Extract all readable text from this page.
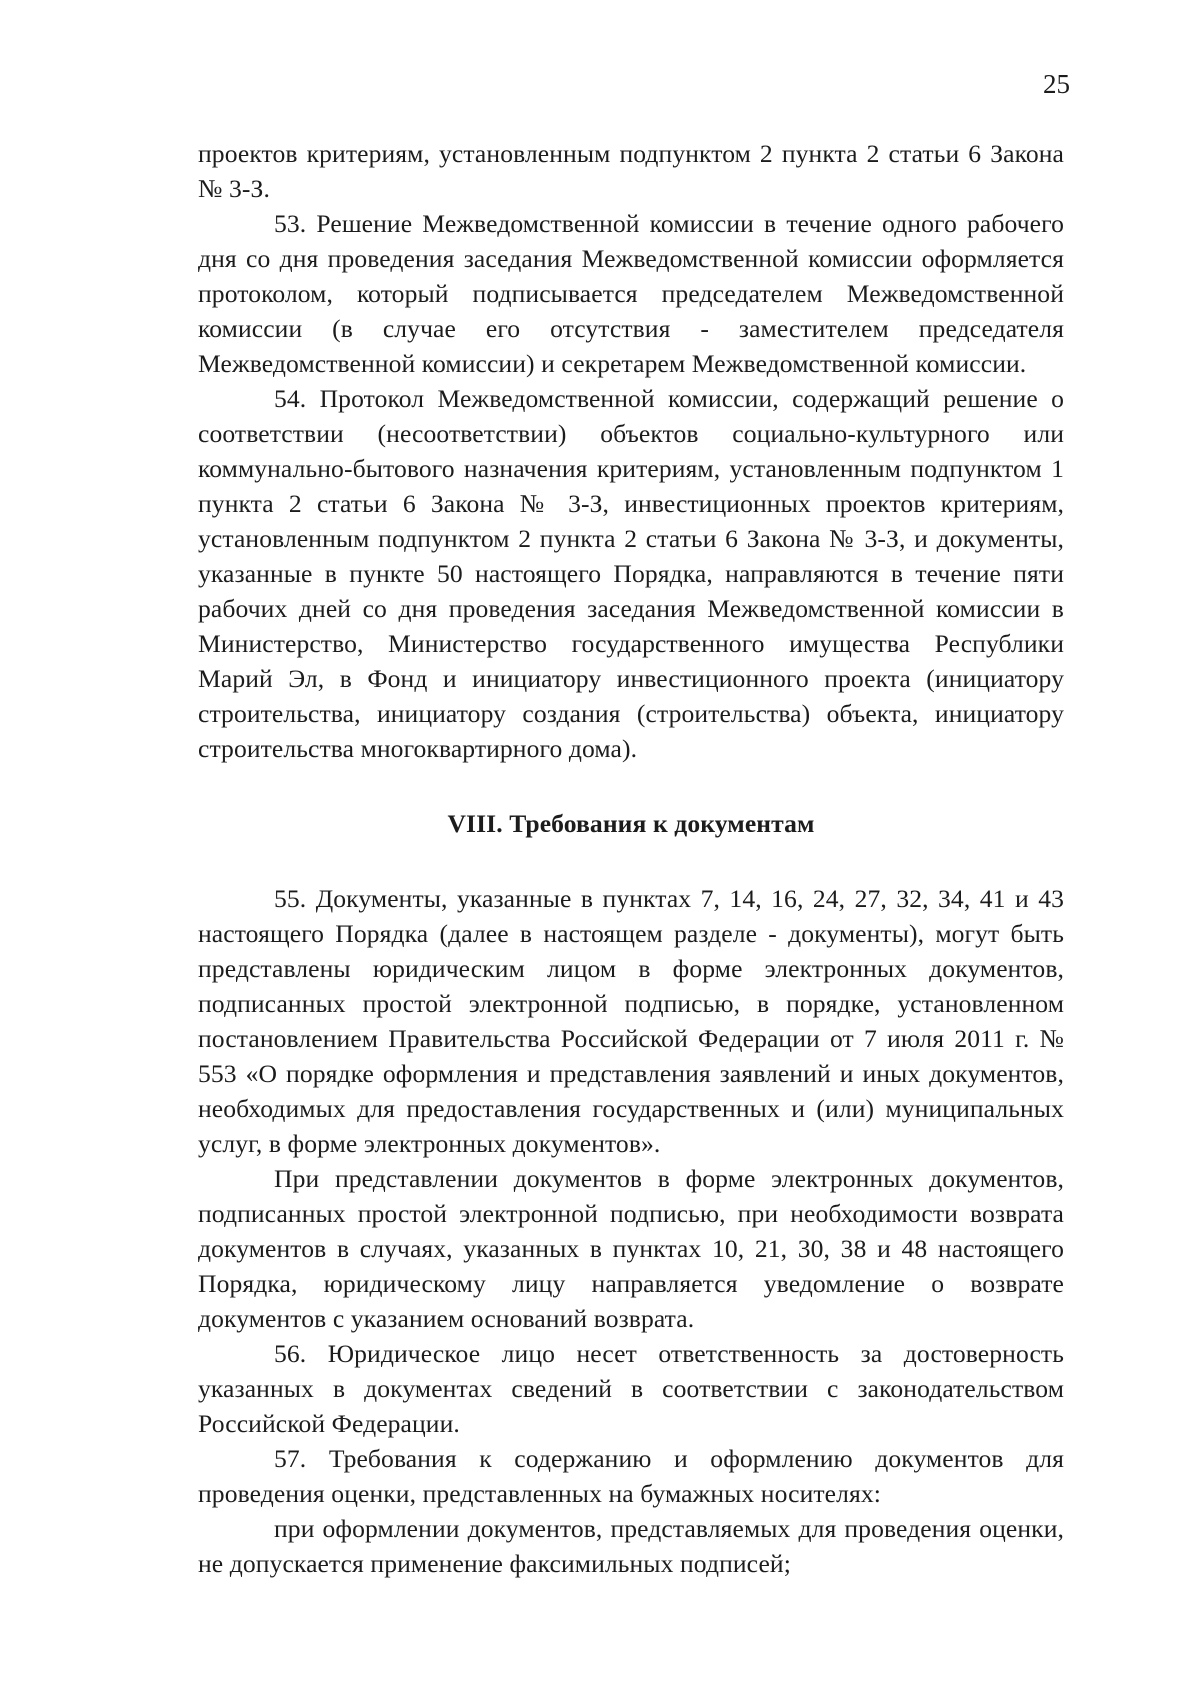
25

проектов критериям, установленным подпунктом 2 пункта 2 статьи 6 Закона № 3-З.

53. Решение Межведомственной комиссии в течение одного рабочего дня со дня проведения заседания Межведомственной комиссии оформляется протоколом, который подписывается председателем Межведомственной комиссии (в случае его отсутствия - заместителем председателя Межведомственной комиссии) и секретарем Межведомственной комиссии.

54. Протокол Межведомственной комиссии, содержащий решение о соответствии (несоответствии) объектов социально-культурного или коммунально-бытового назначения критериям, установленным подпунктом 1 пункта 2 статьи 6 Закона № 3-З, инвестиционных проектов критериям, установленным подпунктом 2 пункта 2 статьи 6 Закона № 3-З, и документы, указанные в пункте 50 настоящего Порядка, направляются в течение пяти рабочих дней со дня проведения заседания Межведомственной комиссии в Министерство, Министерство государственного имущества Республики Марий Эл, в Фонд и инициатору инвестиционного проекта (инициатору строительства, инициатору создания (строительства) объекта, инициатору строительства многоквартирного дома).

VIII. Требования к документам

55. Документы, указанные в пунктах 7, 14, 16, 24, 27, 32, 34, 41 и 43 настоящего Порядка (далее в настоящем разделе - документы), могут быть представлены юридическим лицом в форме электронных документов, подписанных простой электронной подписью, в порядке, установленном постановлением Правительства Российской Федерации от 7 июля 2011 г. № 553 «О порядке оформления и представления заявлений и иных документов, необходимых для предоставления государственных и (или) муниципальных услуг, в форме электронных документов».

При представлении документов в форме электронных документов, подписанных простой электронной подписью, при необходимости возврата документов в случаях, указанных в пунктах 10, 21, 30, 38 и 48 настоящего Порядка, юридическому лицу направляется уведомление о возврате документов с указанием оснований возврата.

56. Юридическое лицо несет ответственность за достоверность указанных в документах сведений в соответствии с законодательством Российской Федерации.

57. Требования к содержанию и оформлению документов для проведения оценки, представленных на бумажных носителях:

при оформлении документов, представляемых для проведения оценки, не допускается применение факсимильных подписей;
